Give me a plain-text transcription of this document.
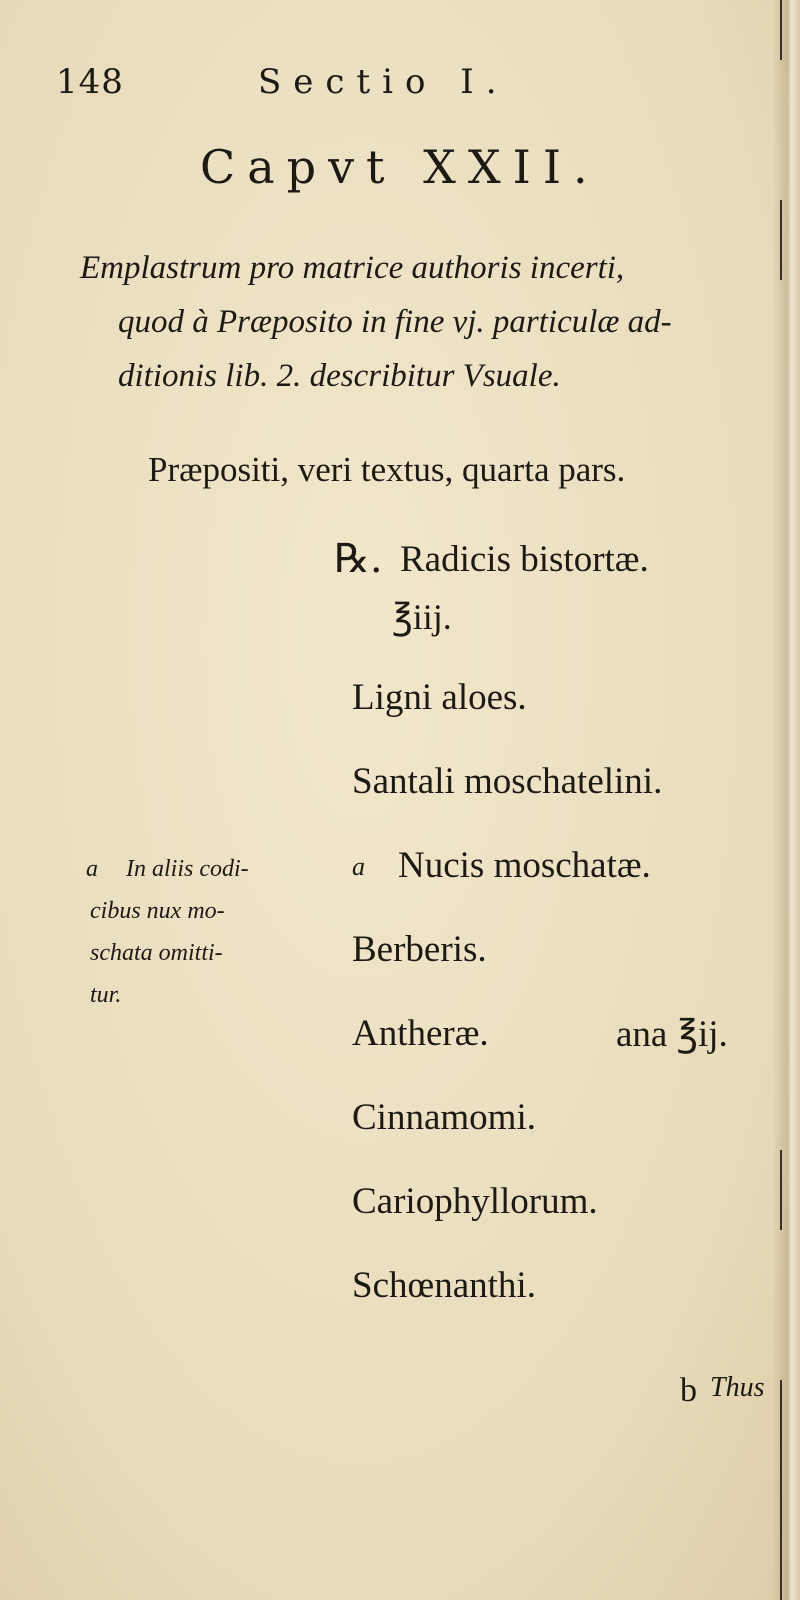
148	Sectio I.
Capvt XXII.
Emplastrum pro matrice authoris incerti,
quod à Præposito in fine vj. particulæ ad-
ditionis lib. 2. describitur Vsuale.
Præpositi, veri textus, quarta pars.
℞. Radicis bistortæ.
℥iij.
Ligni aloes.
Santali moschatelini.
a Nucis moschatæ.
Berberis.
Antheræ.	ana ℥ij.
Cinnamomi.
Cariophyllorum.
Schœnanthi.
a In aliis codi-
cibus nux mo-
schata omitti-
tur.
b Thus
